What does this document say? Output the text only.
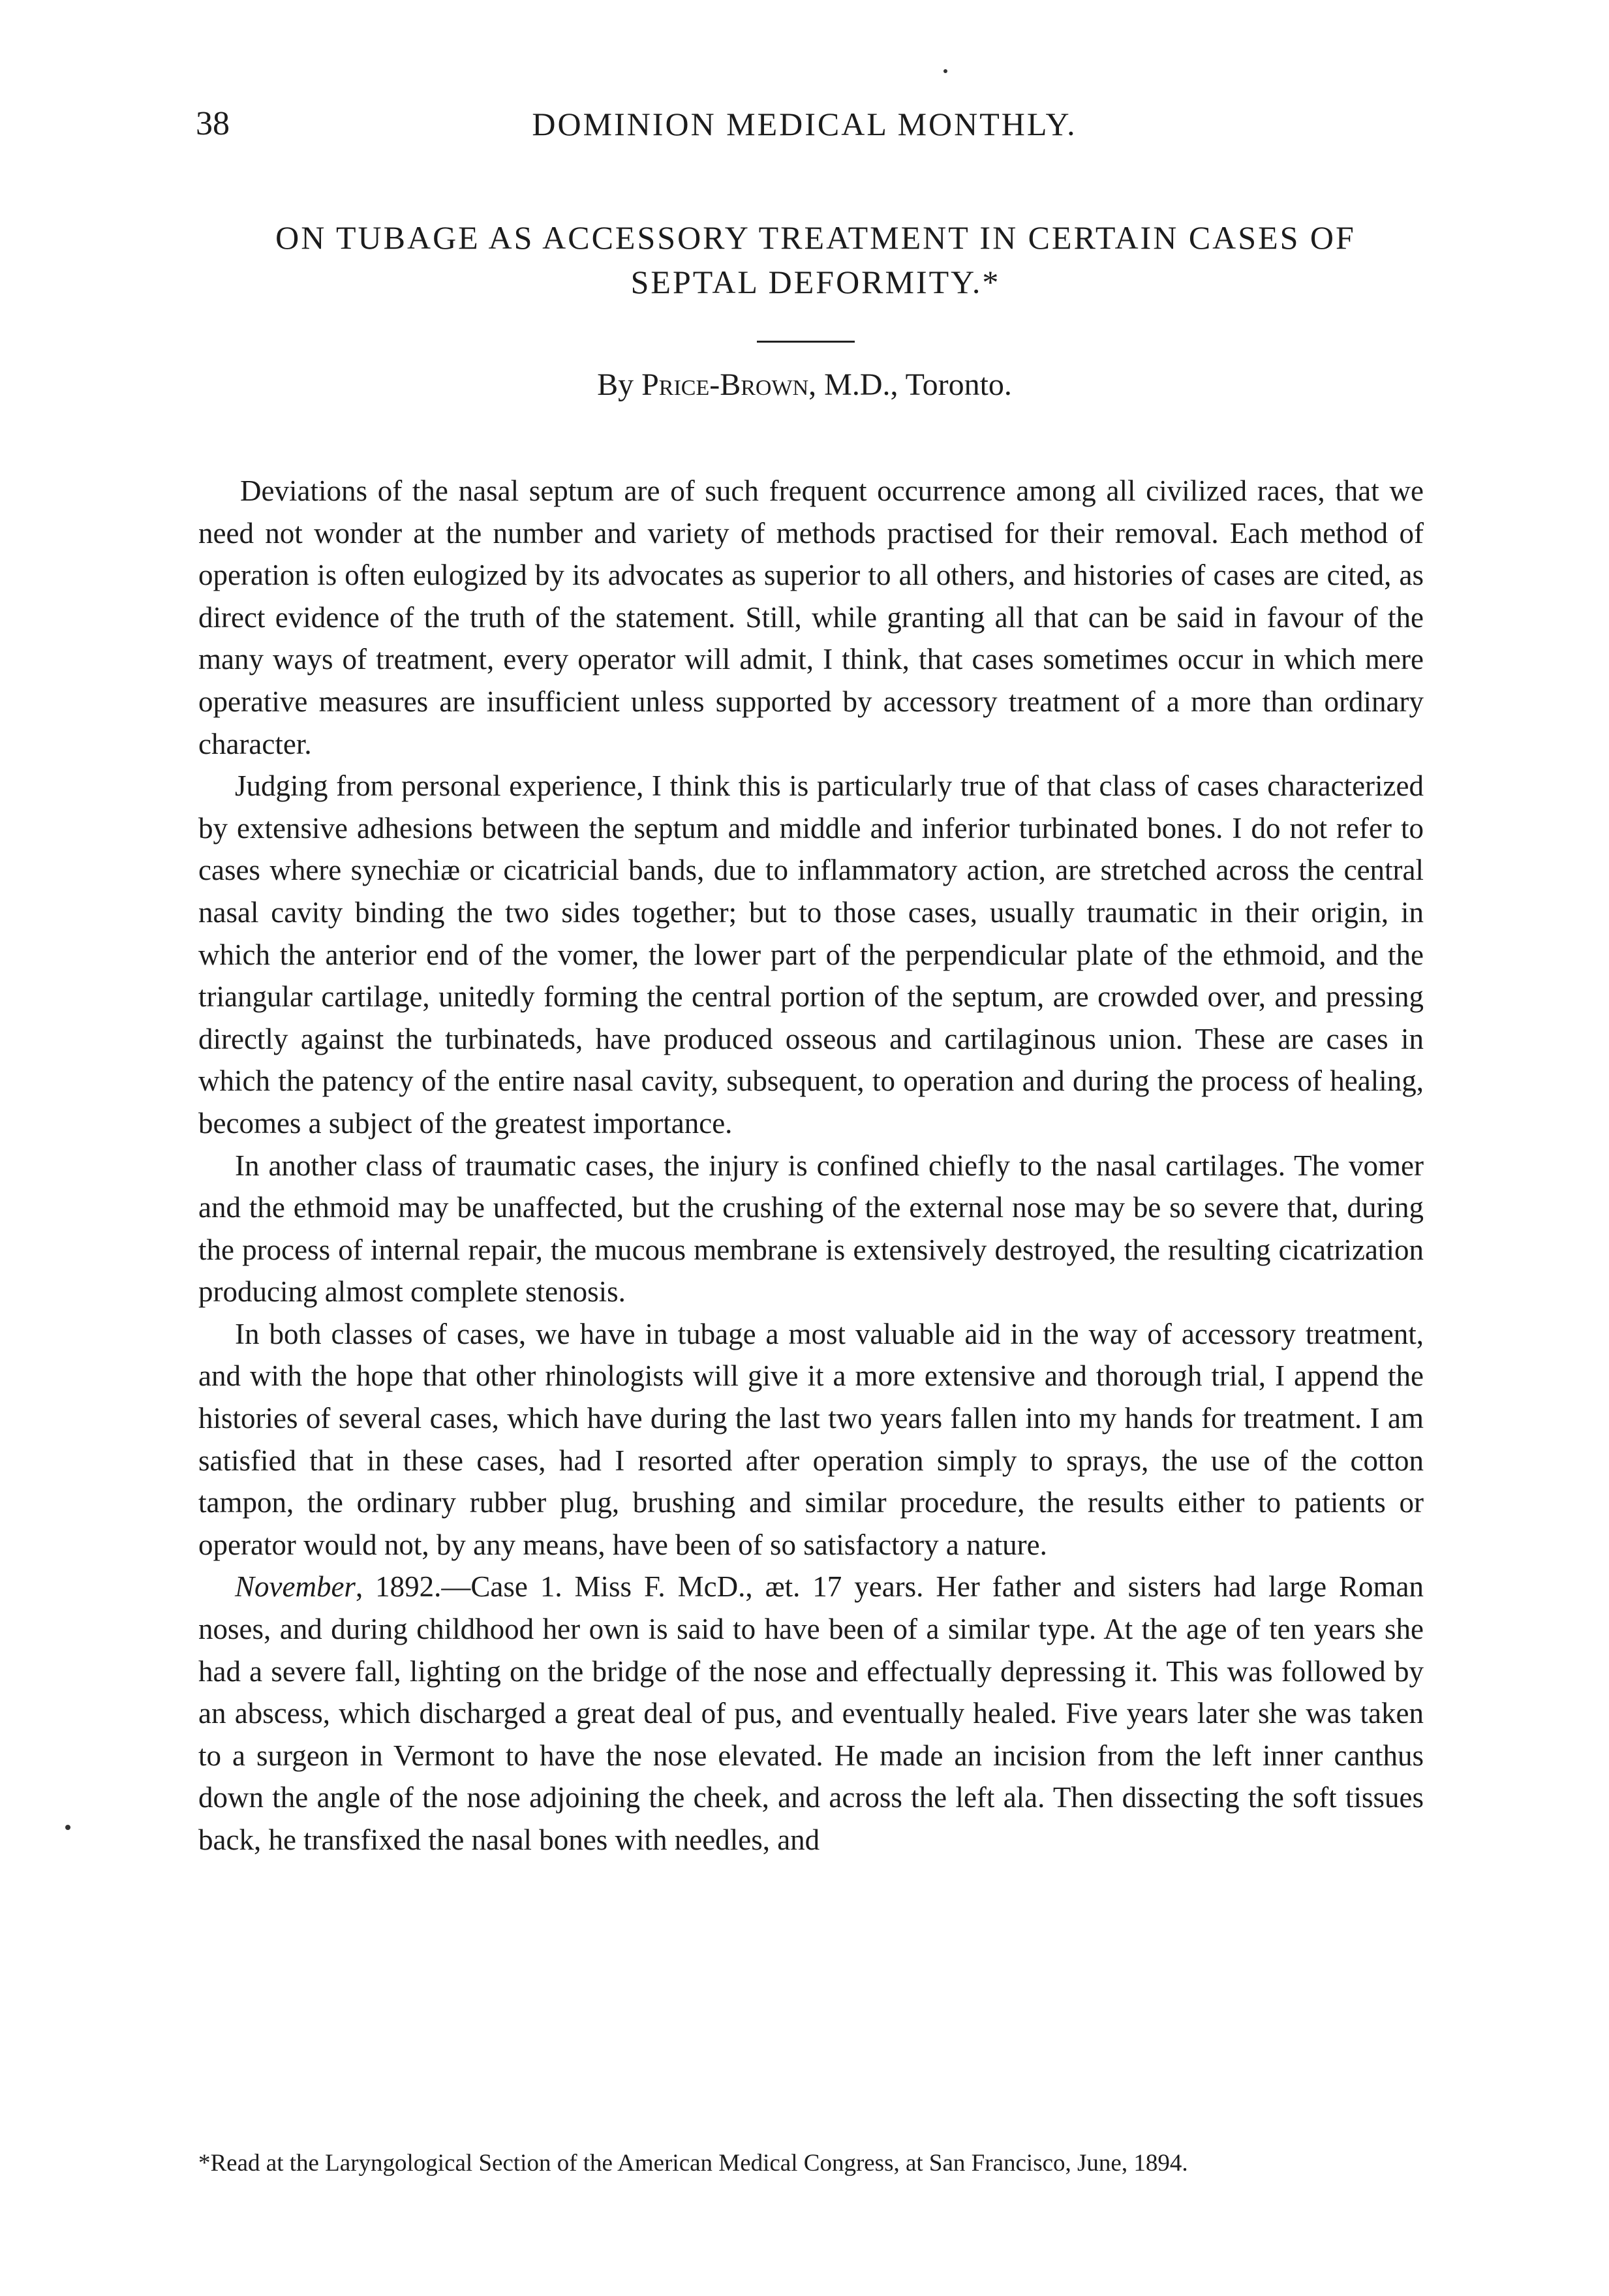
38	DOMINION MEDICAL MONTHLY.
ON TUBAGE AS ACCESSORY TREATMENT IN CERTAIN CASES OF
SEPTAL DEFORMITY.*
By Price-Brown, M.D., Toronto.

Deviations of the nasal septum are of such frequent occurrence among all civilized races, that we need not wonder at the number and variety of methods practised for their removal. Each method of operation is often eulogized by its advocates as superior to all others, and histories of cases are cited, as direct evidence of the truth of the statement. Still, while granting all that can be said in favour of the many ways of treatment, every operator will admit, I think, that cases sometimes occur in which mere operative measures are insufficient unless supported by accessory treatment of a more than ordinary character.

Judging from personal experience, I think this is particularly true of that class of cases characterized by extensive adhesions between the septum and middle and inferior turbinated bones. I do not refer to cases where synechiæ or cicatricial bands, due to inflammatory action, are stretched across the central nasal cavity binding the two sides together; but to those cases, usually traumatic in their origin, in which the anterior end of the vomer, the lower part of the perpendicular plate of the ethmoid, and the triangular cartilage, unitedly forming the central portion of the septum, are crowded over, and pressing directly against the turbinateds, have produced osseous and cartilaginous union. These are cases in which the patency of the entire nasal cavity, subsequent, to operation and during the process of healing, becomes a subject of the greatest importance.

In another class of traumatic cases, the injury is confined chiefly to the nasal cartilages. The vomer and the ethmoid may be unaffected, but the crushing of the external nose may be so severe that, during the process of internal repair, the mucous membrane is extensively destroyed, the resulting cicatrization producing almost complete stenosis.

In both classes of cases, we have in tubage a most valuable aid in the way of accessory treatment, and with the hope that other rhinologists will give it a more extensive and thorough trial, I append the histories of several cases, which have during the last two years fallen into my hands for treatment. I am satisfied that in these cases, had I resorted after operation simply to sprays, the use of the cotton tampon, the ordinary rubber plug, brushing and similar procedure, the results either to patients or operator would not, by any means, have been of so satisfactory a nature.

November, 1892.—Case 1. Miss F. McD., æt. 17 years. Her father and sisters had large Roman noses, and during childhood her own is said to have been of a similar type. At the age of ten years she had a severe fall, lighting on the bridge of the nose and effectually depressing it. This was followed by an abscess, which discharged a great deal of pus, and eventually healed. Five years later she was taken to a surgeon in Vermont to have the nose elevated. He made an incision from the left inner canthus down the angle of the nose adjoining the cheek, and across the left ala. Then dissecting the soft tissues back, he transfixed the nasal bones with needles, and

*Read at the Laryngological Section of the American Medical Congress, at San Francisco, June, 1894.
